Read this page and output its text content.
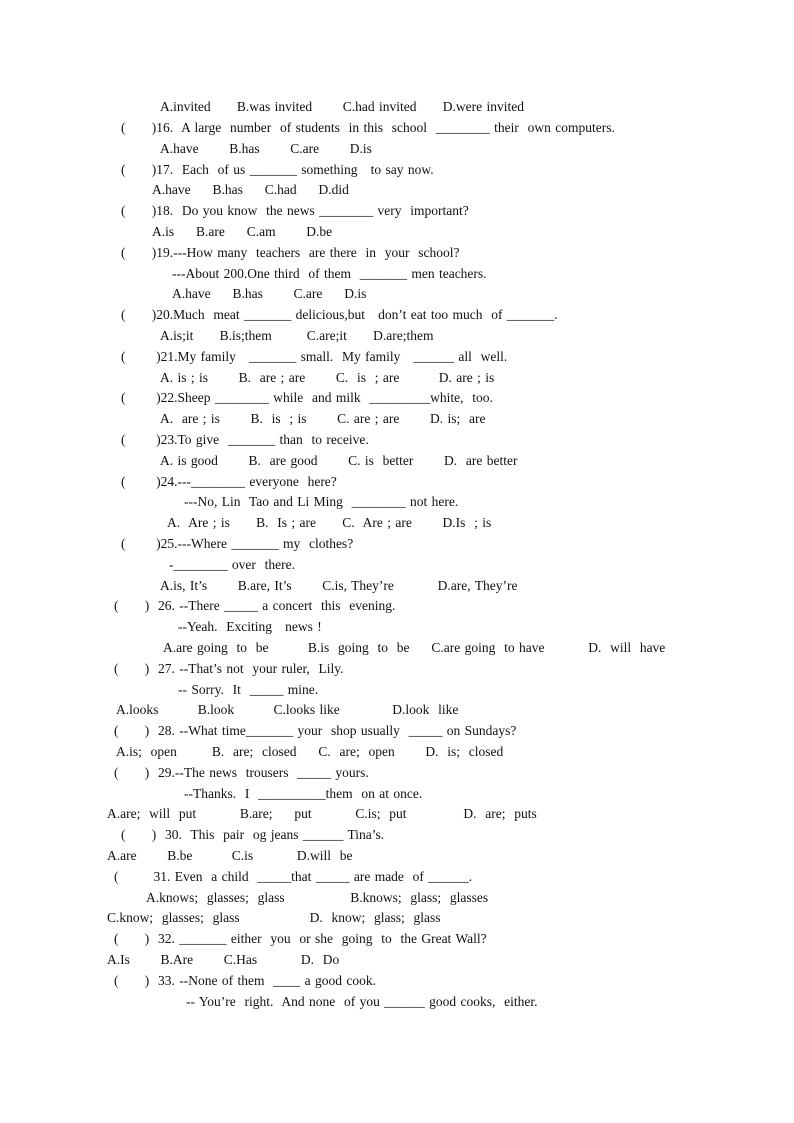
A.invited      B.was invited       C.had invited      D.were invited
(      )16.  A large  number  of students  in this  school  ________ their  own computers.
A.have       B.has       C.are       D.is
(      )17.  Each  of us _______ something   to say now.
A.have     B.has     C.had     D.did
(      )18.  Do you know  the news ________ very  important?
A.is     B.are     C.am       D.be
(      )19.---How many  teachers  are there  in  your  school?
---About 200.One third  of them  _______ men teachers.
A.have     B.has       C.are     D.is
(      )20.Much  meat _______ delicious,but   don’t eat too much  of _______.
A.is;it      B.is;them        C.are;it      D.are;them
(       )21.My family   _______ small.  My family   ______ all  well.
A. is ; is       B.  are ; are       C.  is  ; are         D. are ; is
(       )22.Sheep ________ while  and milk  _________white,  too.
A.  are ; is       B.  is  ; is       C. are ; are       D. is;  are
(       )23.To give  _______ than  to receive.
A. is good       B.  are good       C. is  better       D.  are better
(       )24.---________ everyone  here?
---No, Lin  Tao and Li Ming  ________ not here.
A.  Are ; is      B.  Is ; are      C.  Are ; are       D.Is  ; is
(       )25.---Where _______ my  clothes?
-________ over  there.
A.is, It’s       B.are, It’s       C.is, They’re          D.are, They’re
(      )  26. --There _____ a concert  this  evening.
--Yeah.  Exciting   news !
A.are going  to  be         B.is  going  to  be     C.are going  to have          D.  will  have
(      )  27. --That’s not  your ruler,  Lily.
-- Sorry.  It  _____ mine.
A.looks         B.look         C.looks like            D.look  like
(      )  28. --What time_______ your  shop usually  _____ on Sundays?
A.is;  open        B.  are;  closed     C.  are;  open       D.  is;  closed
(      )  29.--The news  trousers  _____ yours.
--Thanks.  I  __________them  on at once.
A.are;  will  put          B.are;     put          C.is;  put             D.  are;  puts
(      )  30.  This  pair  og jeans ______ Tina’s.
A.are       B.be         C.is          D.will  be
(        31. Even  a child  _____that _____ are made  of ______.
A.knows;  glasses;  glass               B.knows;  glass;  glasses
C.know;  glasses;  glass                D.  know;  glass;  glass
(      )  32. _______ either  you  or she  going  to  the Great Wall?
A.Is       B.Are       C.Has          D.  Do
(      )  33. --None of them  ____ a good cook.
-- You’re  right.  And none  of you ______ good cooks,  either.
